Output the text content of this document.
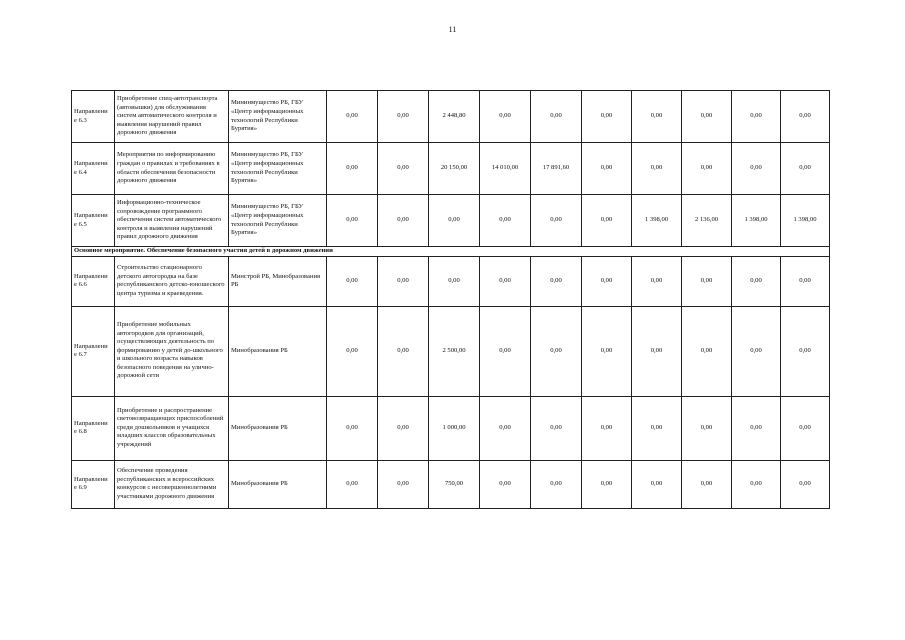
11
Направлени е 6.3	Приобретение спец-автотранспорта (автовышки) для обслуживания систем автоматического контроля и выявления нарушений правил дорожного движения	Мининмущество РБ, ГБУ «Центр информационных технологий Республики Бурятия»	0,00	0,00	2 448,80	0,00	0,00	0,00	0,00	0,00	0,00	0,00
Направлени е 6.4	Мероприятия по информированию граждан о правилах и требованиях в области обеспечения безопасности дорожного движения	Мининмущество РБ, ГБУ «Центр информационных технологий Республики Бурятия»	0,00	0,00	20 150,00	14 010,00	17 891,60	0,00	0,00	0,00	0,00	0,00
Направлени е 6.5	Информационно-техническое сопровождение программного обеспечения систем автоматического контроля и выявления нарушений правил дорожного движения	Мининмущество РБ, ГБУ «Центр информационных технологий Республики Бурятия»	0,00	0,00	0,00	0,00	0,00	0,00	1 398,00	2 136,00	1 398,00	1 398,00
Основное мероприятие. Обеспечение безопасного участия детей в дорожном движении												
Направлени е 6.6	Строительство стационарного детского автогородка на базе республиканского детско-юношеского центра туризма и краеведения.	Минстрой РБ, Минобразования РБ	0,00	0,00	0,00	0,00	0,00	0,00	0,00	0,00	0,00	0,00
Направлени е 6.7	Приобретение мобильных автогородков для организаций, осуществляющих деятельность по формированию у детей до-школьного и школьного возраста навыков безопасного поведения на улично-дорожной сети	Минобразования РБ	0,00	0,00	2 500,00	0,00	0,00	0,00	0,00	0,00	0,00	0,00
Направлени е 6.8	Приобретение и распространение световозвращающих приспособлений среди дошкольников и учащихся младших классов образовательных учреждений	Минобразования РБ	0,00	0,00	1 000,00	0,00	0,00	0,00	0,00	0,00	0,00	0,00
Направлени е 6.9	Обеспечение проведения республиканских и всероссийских конкурсов с несовершеннолетними участниками дорожного движения	Минобразования РБ	0,00	0,00	750,00	0,00	0,00	0,00	0,00	0,00	0,00	0,00
